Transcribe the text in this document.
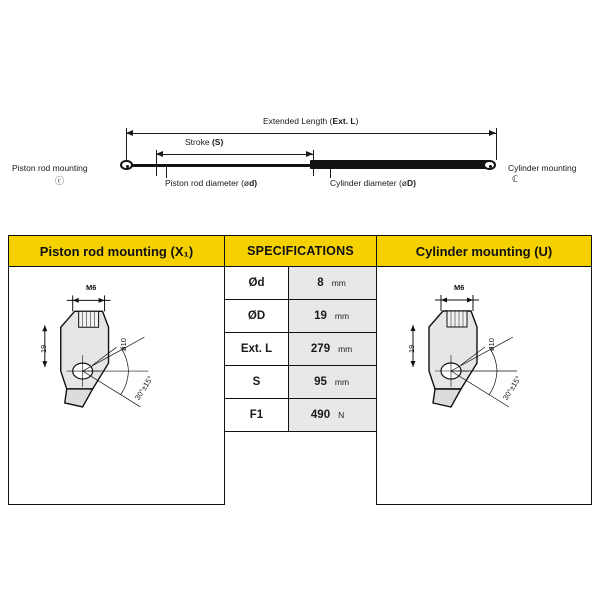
Extended Length (Ext. L)
Stroke (S)
Piston rod mounting
ⓒ
Cylinder mounting
ℂ
Piston rod diameter (ød)	Cylinder diameter (øD)
Piston rod mounting (X₁)	SPECIFICATIONS	Cylinder mounting (U)
M6
19	ø10
30°±15°
Ød	8 mm
ØD	19 mm
Ext. L	279 mm
S	95 mm
F1	490 N
M6
19	ø10
30°±15°
